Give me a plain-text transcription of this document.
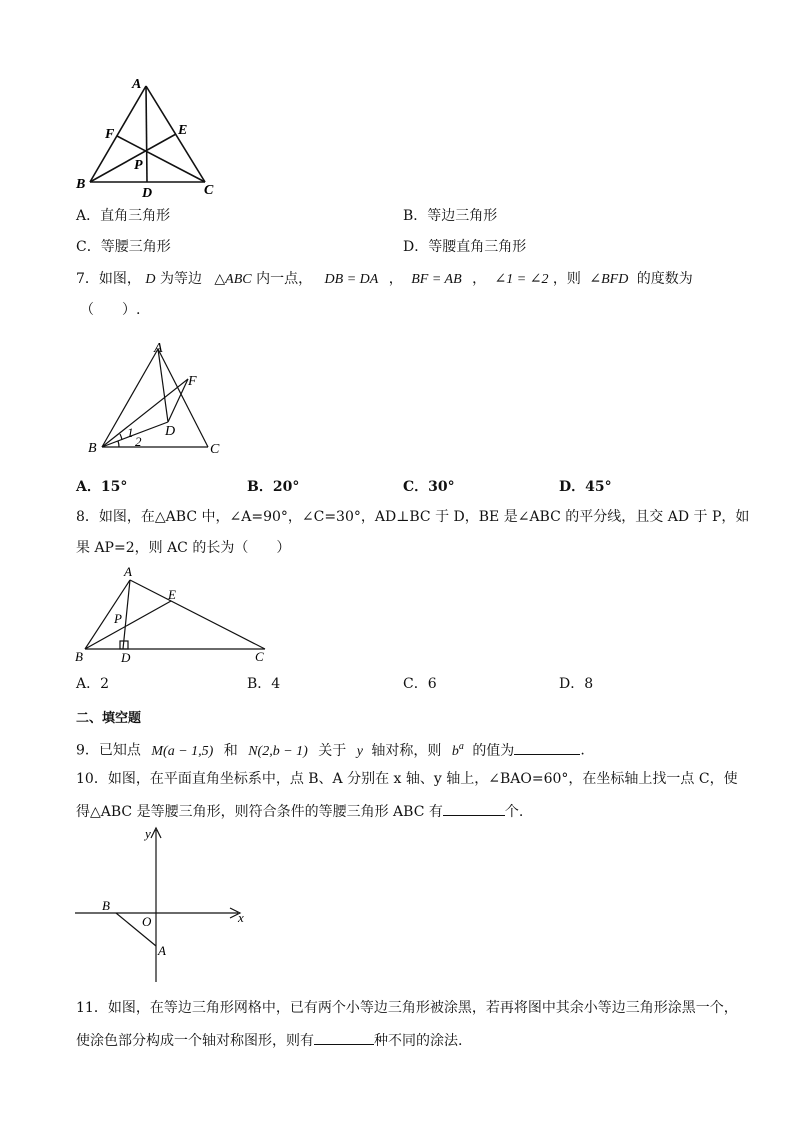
A
B	C
D
E
F
P
A．直角三角形	B．等边三角形
C．等腰三角形	D．等腰直角三角形
7．如图， D 为等边 △ABC 内一点， DB = DA ， BF = AB ， ∠1 = ∠2 ，则 ∠BFD 的度数为
（　　）.
A
B	C
D
F
1
2
A．15°	B．20°	C．30°	D．45°
8．如图，在△ABC 中，∠A=90°，∠C=30°，AD⊥BC 于 D，BE 是∠ABC 的平分线，且交 AD 于 P，如
果 AP=2，则 AC 的长为（　　）
A
B	C
D
E
P
A．2	B．4	C．6	D．8
二、填空题
9．已知点 M(a − 1,5) 和 N(2,b − 1) 关于 y 轴对称，则 $b^a$ 的值为	.
10．如图，在平面直角坐标系中，点 B、A 分别在 x 轴、y 轴上，∠BAO=60°，在坐标轴上找一点 C，使
得△ABC 是等腰三角形，则符合条件的等腰三角形 ABC 有	个.
x
y
O
B
A
11．如图，在等边三角形网格中，已有两个小等边三角形被涂黑，若再将图中其余小等边三角形涂黑一个，
使涂色部分构成一个轴对称图形，则有	种不同的涂法.
